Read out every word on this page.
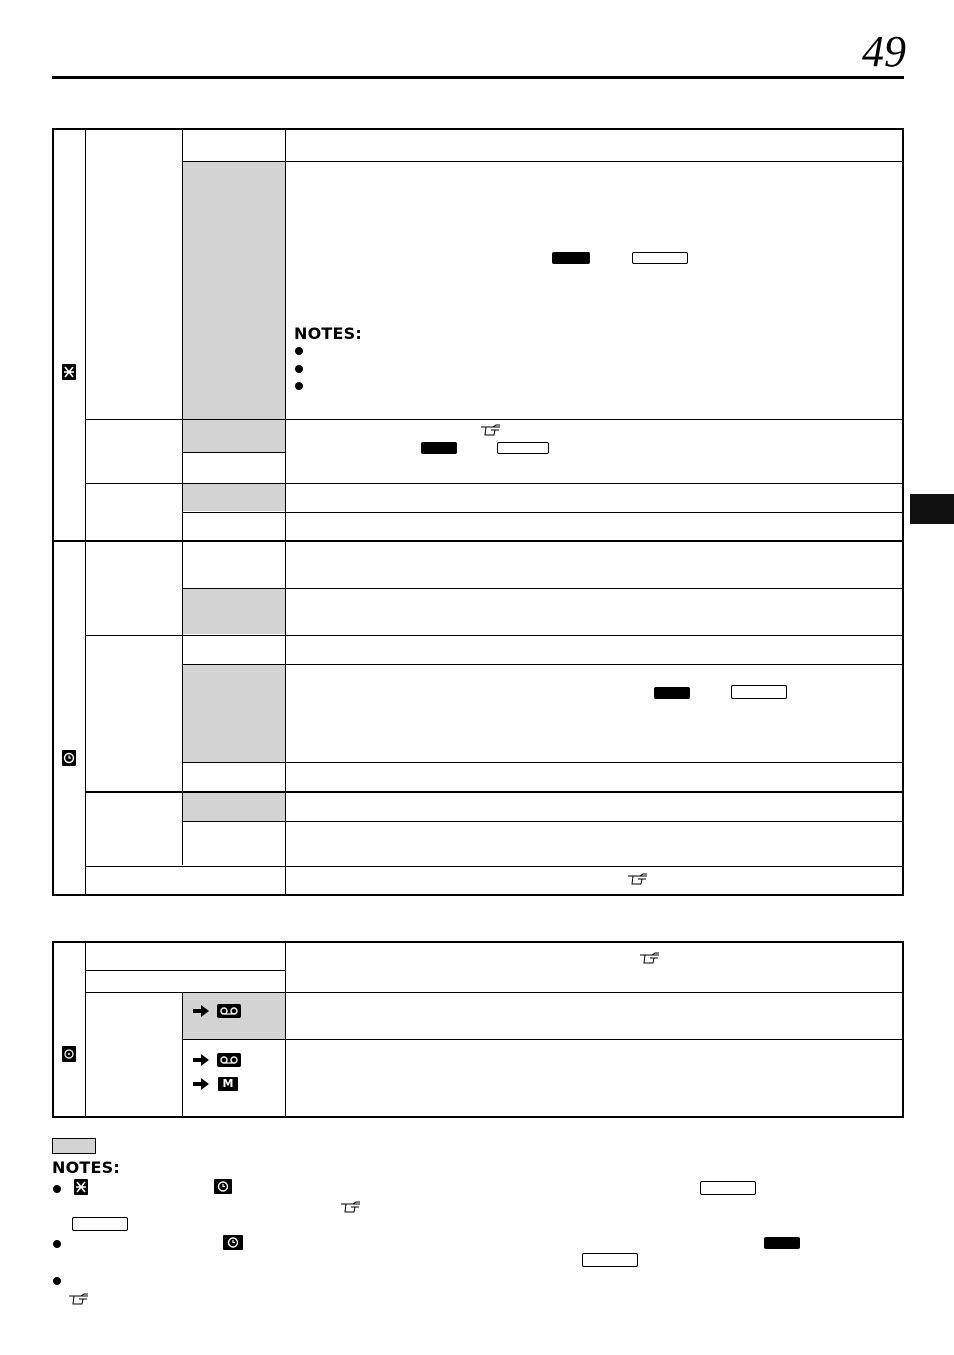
49
NOTES:
M
NOTES:
